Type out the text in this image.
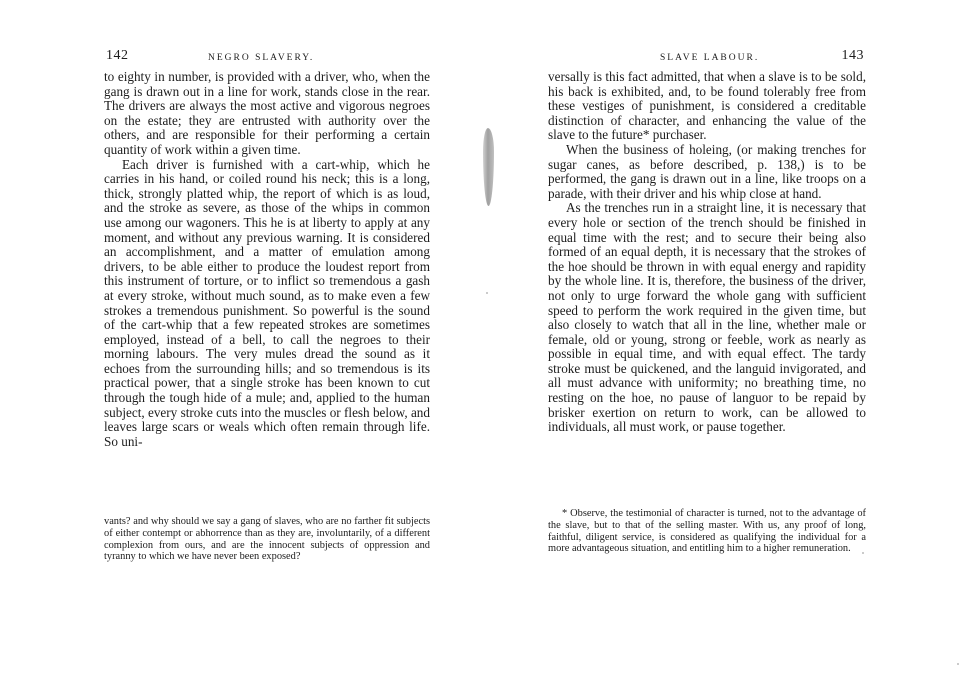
142	NEGRO SLAVERY.

to eighty in number, is provided with a driver, who, when the gang is drawn out in a line for work, stands close in the rear. The drivers are always the most active and vigorous negroes on the estate; they are entrusted with authority over the others, and are responsible for their performing a certain quantity of work within a given time.

Each driver is furnished with a cart-whip, which he carries in his hand, or coiled round his neck; this is a long, thick, strongly platted whip, the report of which is as loud, and the stroke as severe, as those of the whips in common use among our wagoners. This he is at liberty to apply at any moment, and without any previous warning. It is considered an accomplishment, and a matter of emulation among drivers, to be able either to produce the loudest report from this instrument of torture, or to inflict so tremendous a gash at every stroke, without much sound, as to make even a few strokes a tremendous punishment. So powerful is the sound of the cart-whip that a few repeated strokes are sometimes employed, instead of a bell, to call the negroes to their morning labours. The very mules dread the sound as it echoes from the surrounding hills; and so tremendous is its practical power, that a single stroke has been known to cut through the tough hide of a mule; and, applied to the human subject, every stroke cuts into the muscles or flesh below, and leaves large scars or weals which often remain through life. So uni-

vants? and why should we say a gang of slaves, who are no farther fit subjects of either contempt or abhorrence than as they are, involuntarily, of a different complexion from ours, and are the innocent subjects of oppression and tyranny to which we have never been exposed?

SLAVE LABOUR.	143

versally is this fact admitted, that when a slave is to be sold, his back is exhibited, and, to be found tolerably free from these vestiges of punishment, is considered a creditable distinction of character, and enhancing the value of the slave to the future* purchaser.

When the business of holeing, (or making trenches for sugar canes, as before described, p. 138,) is to be performed, the gang is drawn out in a line, like troops on a parade, with their driver and his whip close at hand.

As the trenches run in a straight line, it is necessary that every hole or section of the trench should be finished in equal time with the rest; and to secure their being also formed of an equal depth, it is necessary that the strokes of the hoe should be thrown in with equal energy and rapidity by the whole line. It is, therefore, the business of the driver, not only to urge forward the whole gang with sufficient speed to perform the work required in the given time, but also closely to watch that all in the line, whether male or female, old or young, strong or feeble, work as nearly as possible in equal time, and with equal effect. The tardy stroke must be quickened, and the languid invigorated, and all must advance with uniformity; no breathing time, no resting on the hoe, no pause of languor to be repaid by brisker exertion on return to work, can be allowed to individuals, all must work, or pause together.

* Observe, the testimonial of character is turned, not to the advantage of the slave, but to that of the selling master. With us, any proof of long, faithful, diligent service, is considered as qualifying the individual for a more advantageous situation, and entitling him to a higher remuneration.
